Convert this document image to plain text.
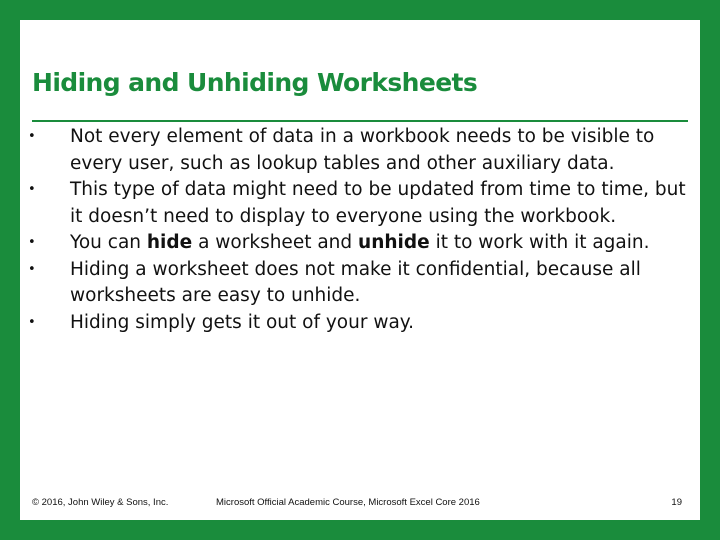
Hiding and Unhiding Worksheets
• Not every element of data in a workbook needs to be visible to every user, such as lookup tables and other auxiliary data.
• This type of data might need to be updated from time to time, but it doesn’t need to display to everyone using the workbook.
• You can hide a worksheet and unhide it to work with it again.
• Hiding a worksheet does not make it confidential, because all worksheets are easy to unhide.
• Hiding simply gets it out of your way.
© 2016, John Wiley & Sons, Inc.	Microsoft Official Academic Course, Microsoft Excel Core 2016	19
